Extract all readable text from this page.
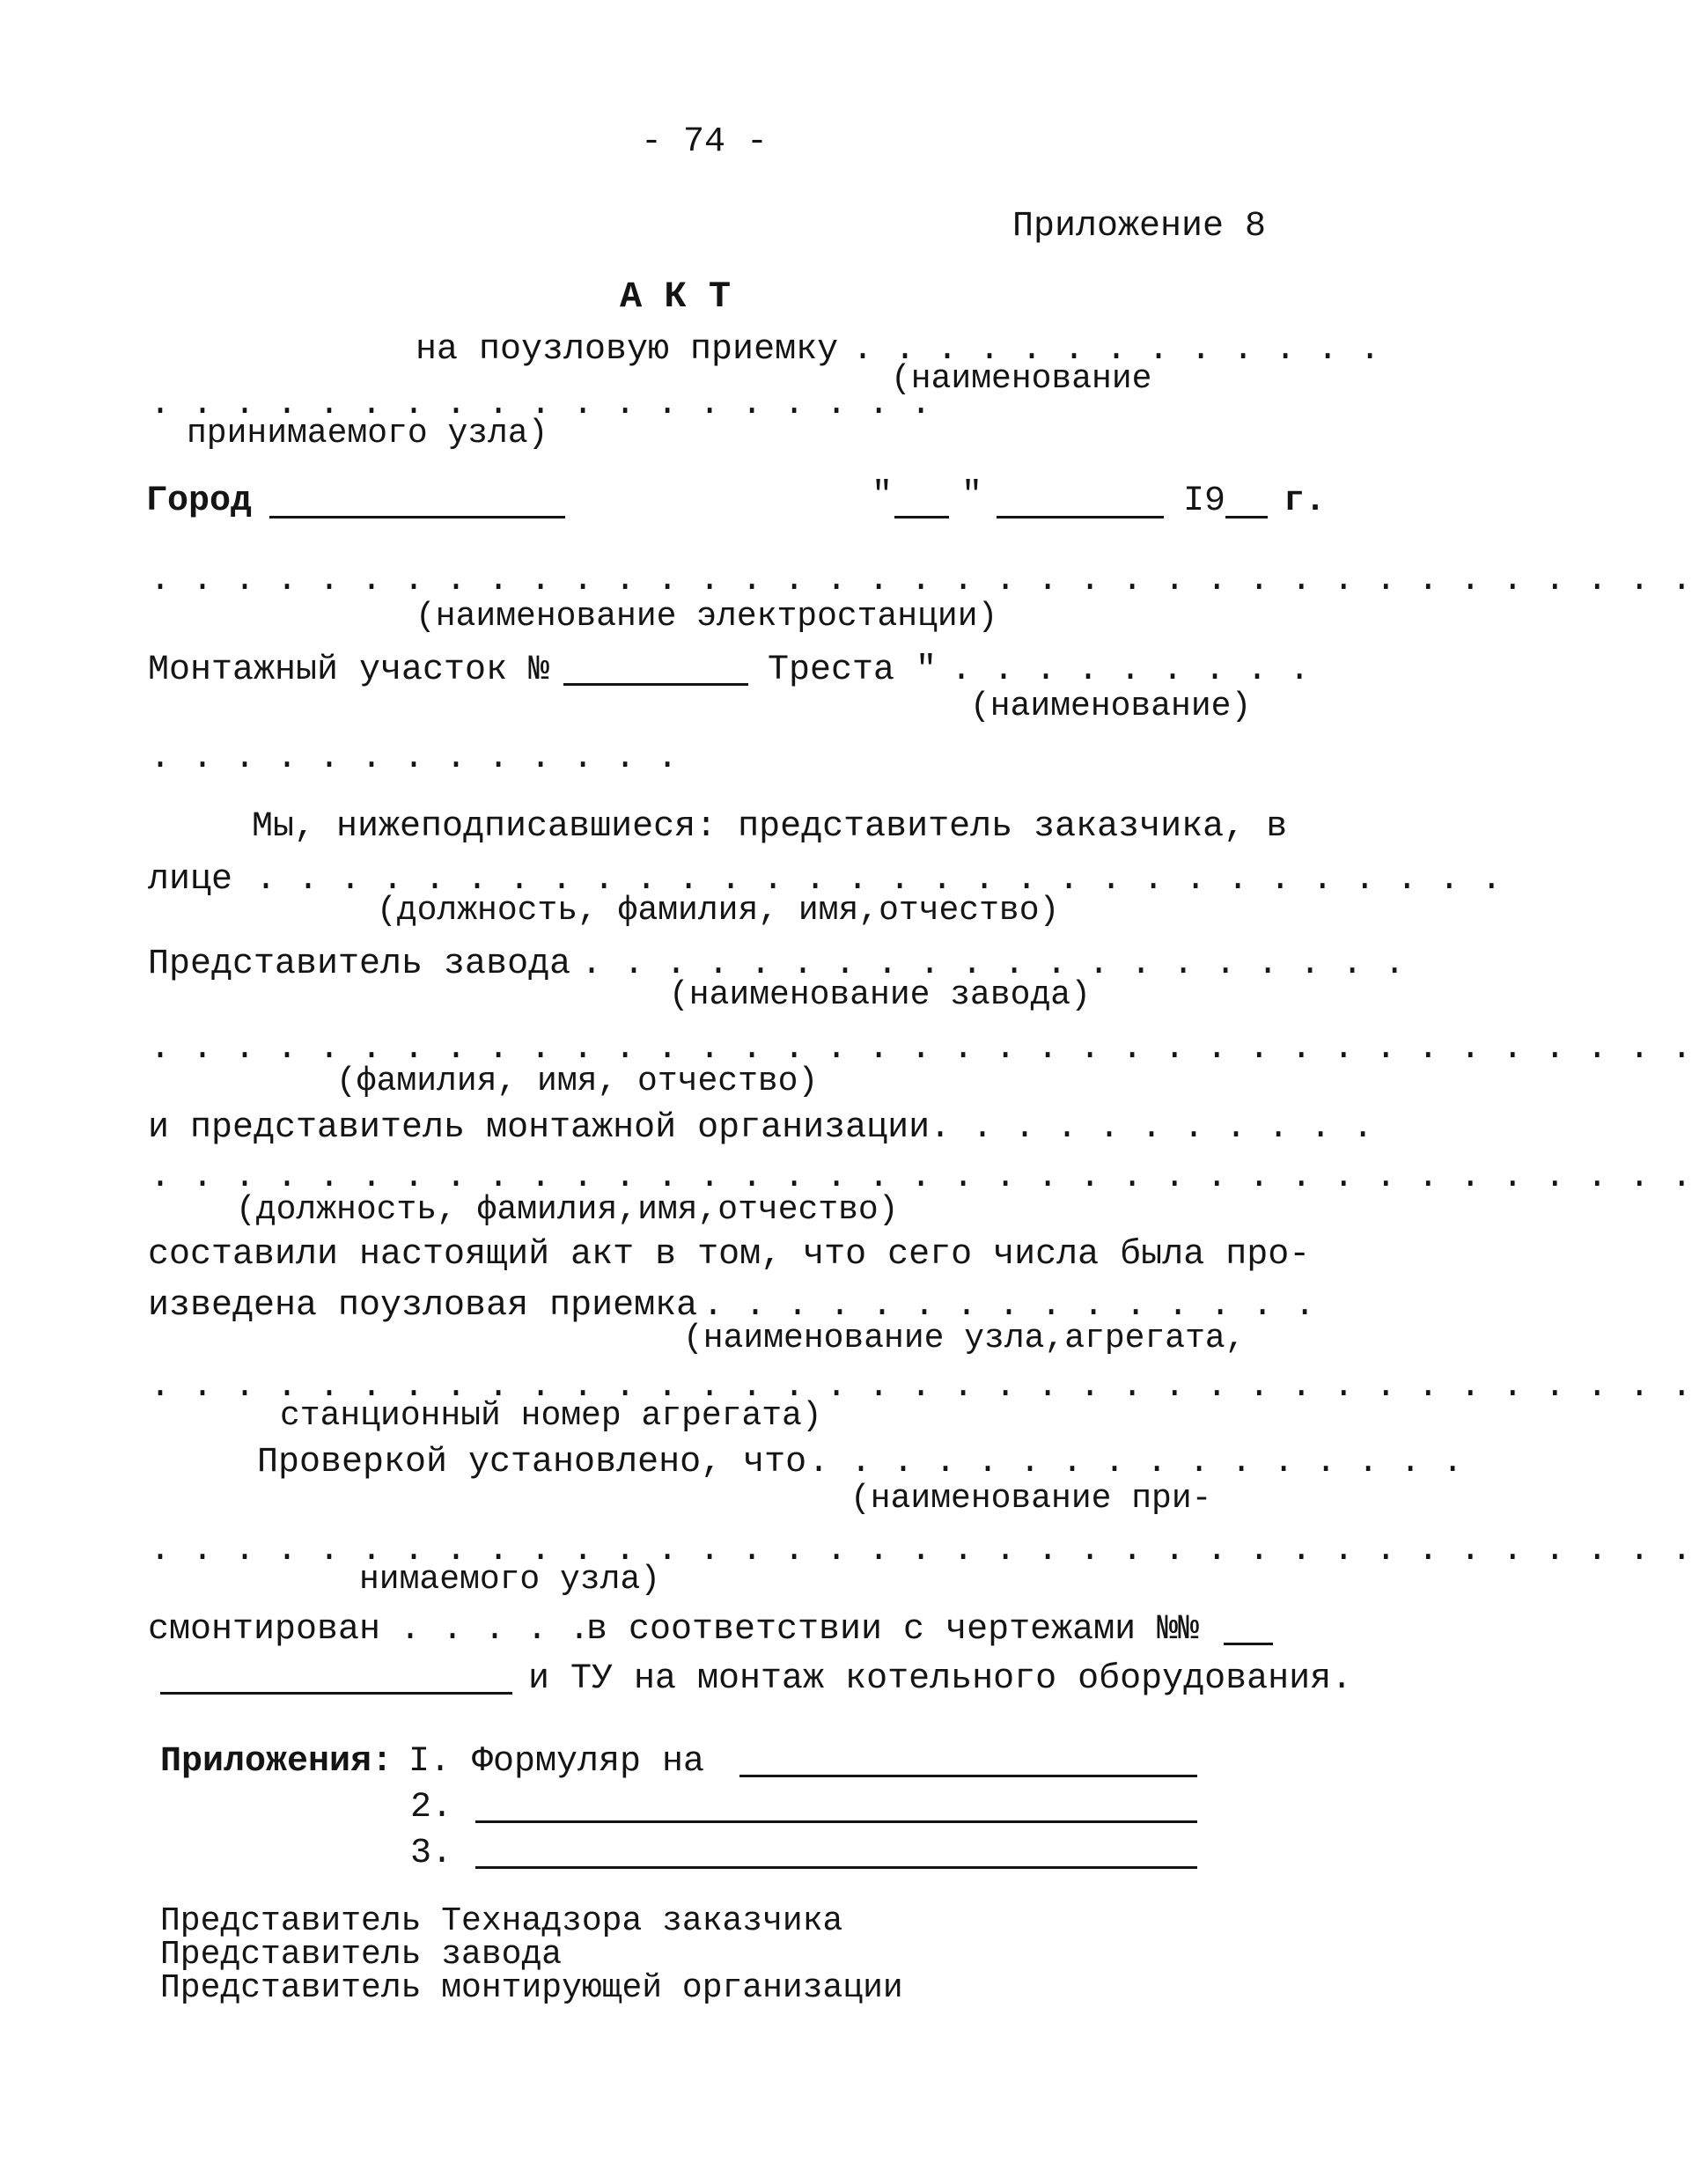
- 74 -
Приложение 8
А К Т
на поузловую приемку . . . . . . . . . . . . .
(наименование
. . . . . . . . . . . . . . . . . . .
принимаемого узла)
Город	" "	I9 г.
. . . . . . . . . . . . . . . . . . . . . . . . . . . . . . . . . . . . .
(наименование электростанции)
Монтажный участок №	Треста " . . . . . . . . .
(наименование)
. . . . . . . . . . . . .
Мы, нижеподписавшиеся: представитель заказчика, в
лице . . . . . . . . . . . . . . . . . . . . . . . . . . . . . .
(должность, фамилия, имя,отчество)
Представитель завода . . . . . . . . . . . . . . . . . . . .
(наименование завода)
. . . . . . . . . . . . . . . . . . . . . . . . . . . . . . . . . . . . .
(фамилия, имя, отчество)
и представитель монтажной организации . . . . . . . . . . .
. . . . . . . . . . . . . . . . . . . . . . . . . . . . . . . . . . . . .
(должность, фамилия,имя,отчество)
составили настоящий акт в том, что сего числа была про-
изведена поузловая приемка . . . . . . . . . . . . . . .
(наименование узла,агрегата,
. . . . . . . . . . . . . . . . . . . . . . . . . . . . . . . . . . . . .
станционный номер агрегата)
Проверкой установлено, что . . . . . . . . . . . . . . . .
(наименование при-
. . . . . . . . . . . . . . . . . . . . . . . . . . . . . . . . . . . . .
нимаемого узла)
смонтирован . . . . .
в соответствии с чертежами №№
и ТУ на монтаж котельного оборудования.
Приложения: I. Формуляр на
2.
3.
Представитель Технадзора заказчика
Представитель завода
Представитель монтирующей организации
